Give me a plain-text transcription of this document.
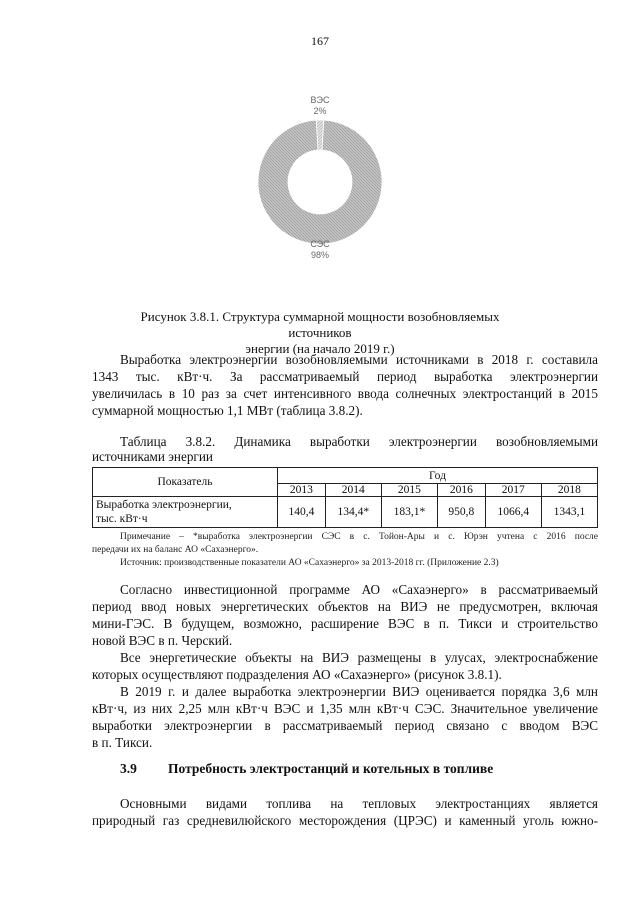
167
ВЭС
2%
СЭС
98%
Рисунок 3.8.1. Структура суммарной мощности возобновляемых источников
энергии (на начало 2019 г.)
Выработка электроэнергии возобновляемыми источниками в 2018 г. составила
1343 тыс. кВт·ч. За рассматриваемый период выработка электроэнергии
увеличилась в 10 раз за счет интенсивного ввода солнечных электростанций в 2015
суммарной мощностью 1,1 МВт (таблица 3.8.2).
Таблица 3.8.2. Динамика выработки электроэнергии возобновляемыми
источниками энергии
Показатель	Год					
	2013	2014	2015	2016	2017	2018

Выработка электроэнергии,
тыс. кВт·ч	140,4	134,4*	183,1*	950,8	1066,4	1343,1
Примечание – *выработка электроэнергии СЭС в с. Тойон-Ары и с. Юрэн учтена с 2016 после
передачи их на баланс АО «Сахаэнерго».
Источник: производственные показатели АО «Сахаэнерго» за 2013-2018 гг. (Приложение 2.3)
Согласно инвестиционной программе АО «Сахаэнерго» в рассматриваемый
период ввод новых энергетических объектов на ВИЭ не предусмотрен, включая
мини-ГЭС. В будущем, возможно, расширение ВЭС в п. Тикси и строительство
новой ВЭС в п. Черский.
Все энергетические объекты на ВИЭ размещены в улусах, электроснабжение
которых осуществляют подразделения АО «Сахаэнерго» (рисунок 3.8.1).
В 2019 г. и далее выработка электроэнергии ВИЭ оценивается порядка 3,6 млн
кВт·ч, из них 2,25 млн кВт·ч ВЭС и 1,35 млн кВт·ч СЭС. Значительное увеличение
выработки электроэнергии в рассматриваемый период связано с вводом ВЭС
в п. Тикси.
3.9 Потребность электростанций и котельных в топливе
Основными видами топлива на тепловых электростанциях является
природный газ средневилюйского месторождения (ЦРЭС) и каменный уголь южно-
